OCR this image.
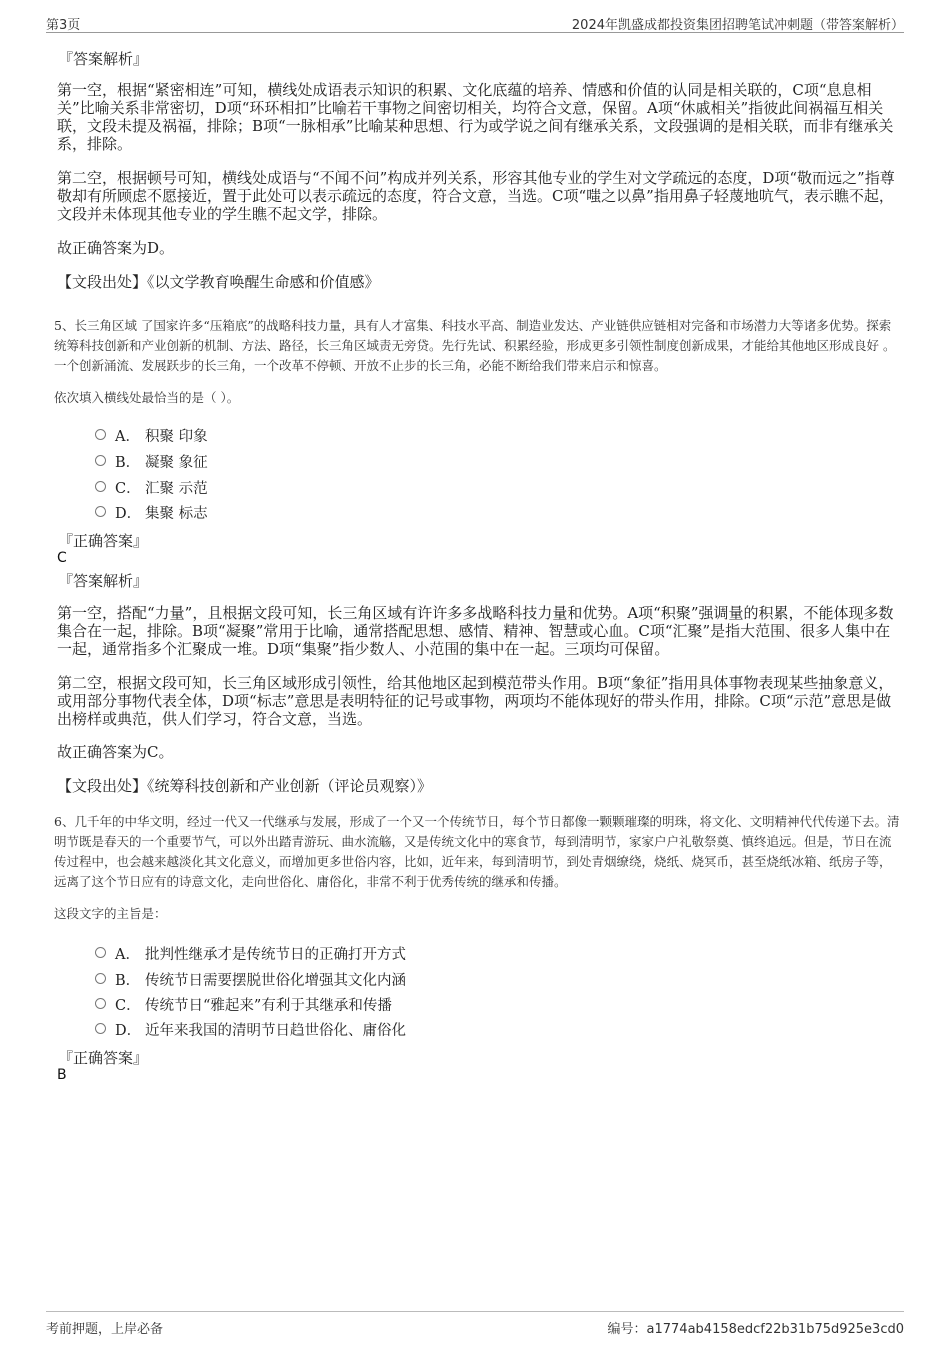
第3页	2024年凯盛成都投资集团招聘笔试冲刺题（带答案解析）
『答案解析』
第一空，根据“紧密相连”可知，横线处成语表示知识的积累、文化底蕴的培养、情感和价值的认同是相关联的，C项“息息相关”比喻关系非常密切，D项“环环相扣”比喻若干事物之间密切相关，均符合文意，保留。A项“休戚相关”指彼此间祸福互相关联，文段未提及祸福，排除；B项“一脉相承”比喻某种思想、行为或学说之间有继承关系，文段强调的是相关联，而非有继承关系，排除。
第二空，根据顿号可知，横线处成语与“不闻不问”构成并列关系，形容其他专业的学生对文学疏远的态度，D项“敬而远之”指尊敬却有所顾虑不愿接近，置于此处可以表示疏远的态度，符合文意，当选。C项“嗤之以鼻”指用鼻子轻蔑地吭气，表示瞧不起，文段并未体现其他专业的学生瞧不起文学，排除。
故正确答案为D。
【文段出处】《以文学教育唤醒生命感和价值感》
5、长三角区域 了国家许多“压箱底”的战略科技力量，具有人才富集、科技水平高、制造业发达、产业链供应链相对完备和市场潜力大等诸多优势。探索统筹科技创新和产业创新的机制、方法、路径，长三角区域责无旁贷。先行先试、积累经验，形成更多引领性制度创新成果，才能给其他地区形成良好 。一个创新涌流、发展跃步的长三角，一个改革不停顿、开放不止步的长三角，必能不断给我们带来启示和惊喜。
依次填入横线处最恰当的是（ ）。
A． 积聚 印象
B． 凝聚 象征
C． 汇聚 示范
D． 集聚 标志
『正确答案』
C
『答案解析』
第一空，搭配“力量”，且根据文段可知，长三角区域有许许多多战略科技力量和优势。A项“积聚”强调量的积累，不能体现多数集合在一起，排除。B项“凝聚”常用于比喻，通常搭配思想、感情、精神、智慧或心血。C项“汇聚”是指大范围、很多人集中在一起，通常指多个汇聚成一堆。D项“集聚”指少数人、小范围的集中在一起。三项均可保留。
第二空，根据文段可知，长三角区域形成引领性，给其他地区起到模范带头作用。B项“象征”指用具体事物表现某些抽象意义，或用部分事物代表全体，D项“标志”意思是表明特征的记号或事物，两项均不能体现好的带头作用，排除。C项“示范”意思是做出榜样或典范，供人们学习，符合文意，当选。
故正确答案为C。
【文段出处】《统筹科技创新和产业创新（评论员观察）》
6、几千年的中华文明，经过一代又一代继承与发展，形成了一个又一个传统节日，每个节日都像一颗颗璀璨的明珠，将文化、文明精神代代传递下去。清明节既是春天的一个重要节气，可以外出踏青游玩、曲水流觞，又是传统文化中的寒食节，每到清明节，家家户户礼敬祭奠、慎终追远。但是，节日在流传过程中，也会越来越淡化其文化意义，而增加更多世俗内容，比如，近年来，每到清明节，到处青烟缭绕，烧纸、烧冥币，甚至烧纸冰箱、纸房子等，远离了这个节日应有的诗意文化，走向世俗化、庸俗化，非常不利于优秀传统的继承和传播。
这段文字的主旨是：
A． 批判性继承才是传统节日的正确打开方式
B． 传统节日需要摆脱世俗化增强其文化内涵
C． 传统节日“雅起来”有利于其继承和传播
D． 近年来我国的清明节日趋世俗化、庸俗化
『正确答案』
B
考前押题，上岸必备	编号：a1774ab4158edcf22b31b75d925e3cd0
